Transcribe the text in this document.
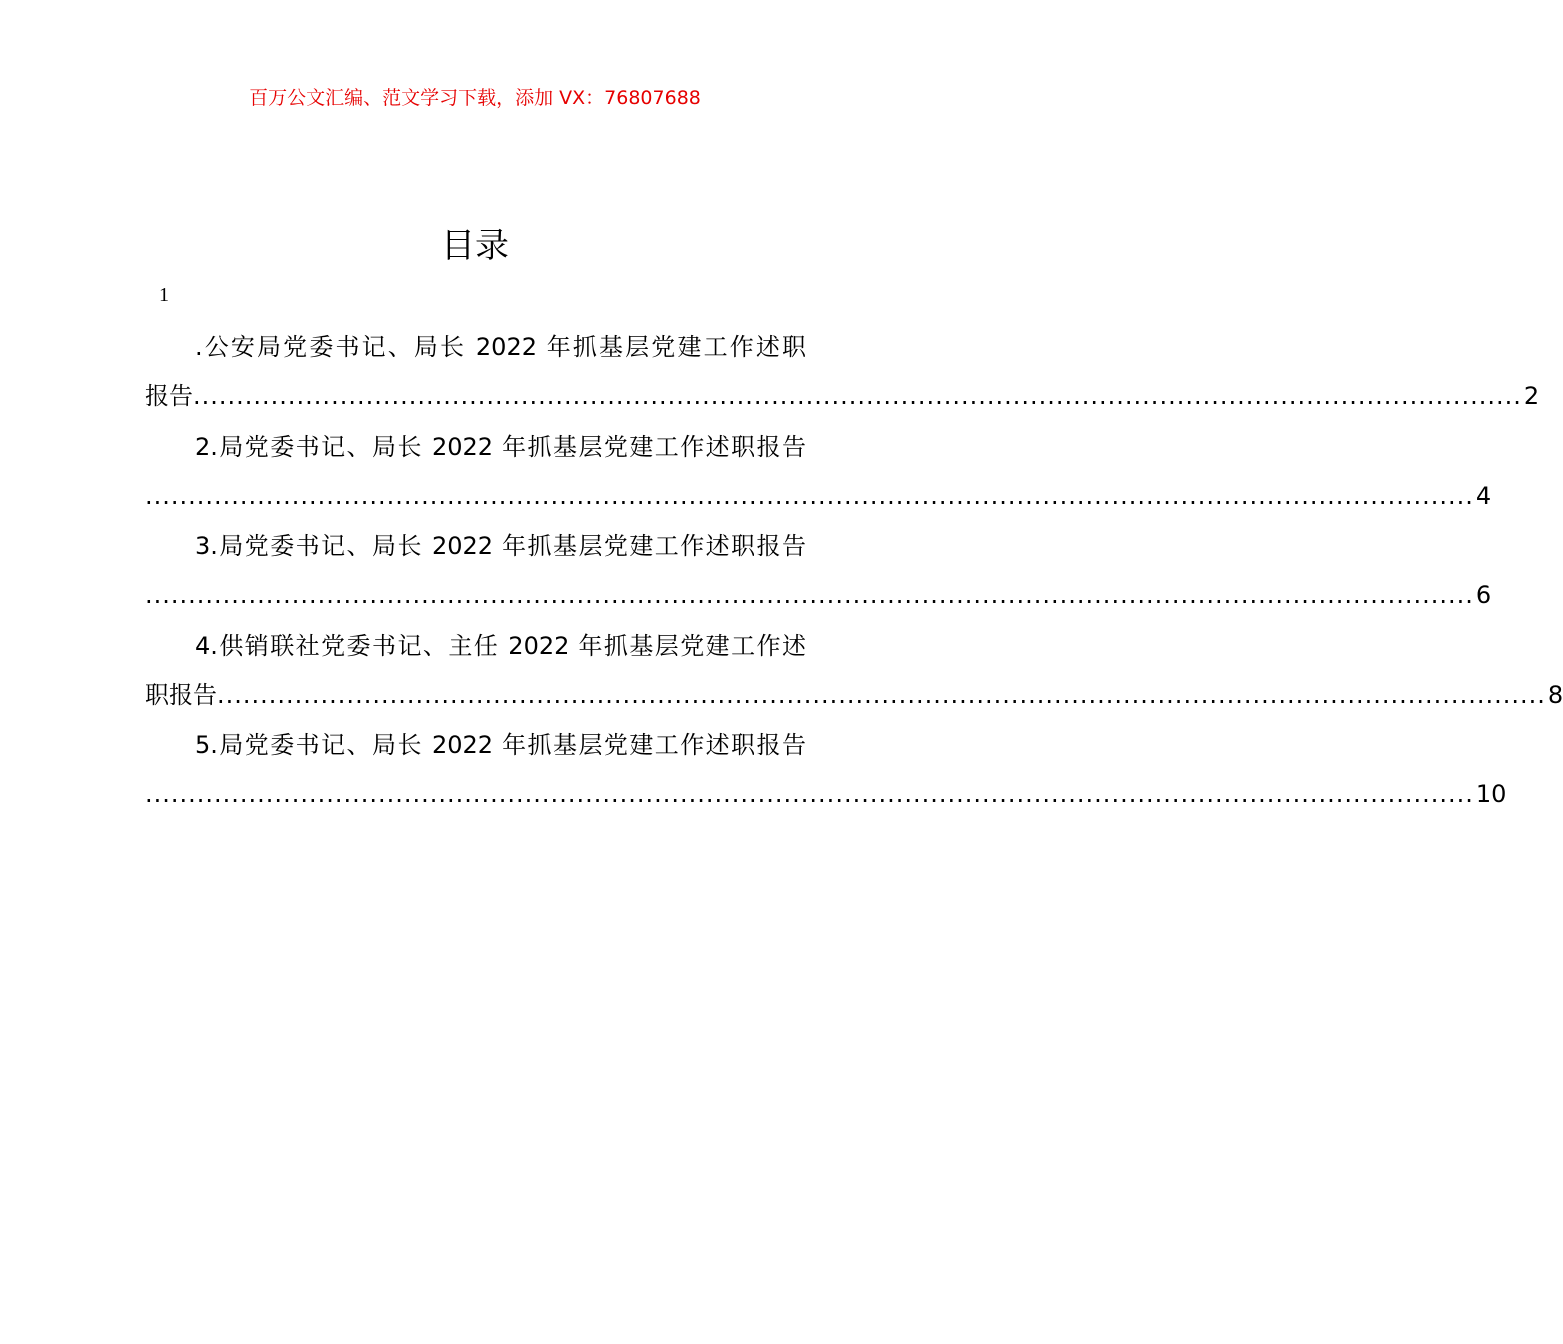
百万公文汇编、范文学习下载，添加 VX：76807688
目录
1
.公安局党委书记、局长 2022 年抓基层党建工作述职
报告 .......................................................................................................................................................... 2
2.局党委书记、局长 2022 年抓基层党建工作述职报告
.......................................................................................................................................................... 4
3.局党委书记、局长 2022 年抓基层党建工作述职报告
.......................................................................................................................................................... 6
4.供销联社党委书记、主任 2022 年抓基层党建工作述
职报告 .......................................................................................................................................................... 8
5.局党委书记、局长 2022 年抓基层党建工作述职报告
.......................................................................................................................................................... 10
